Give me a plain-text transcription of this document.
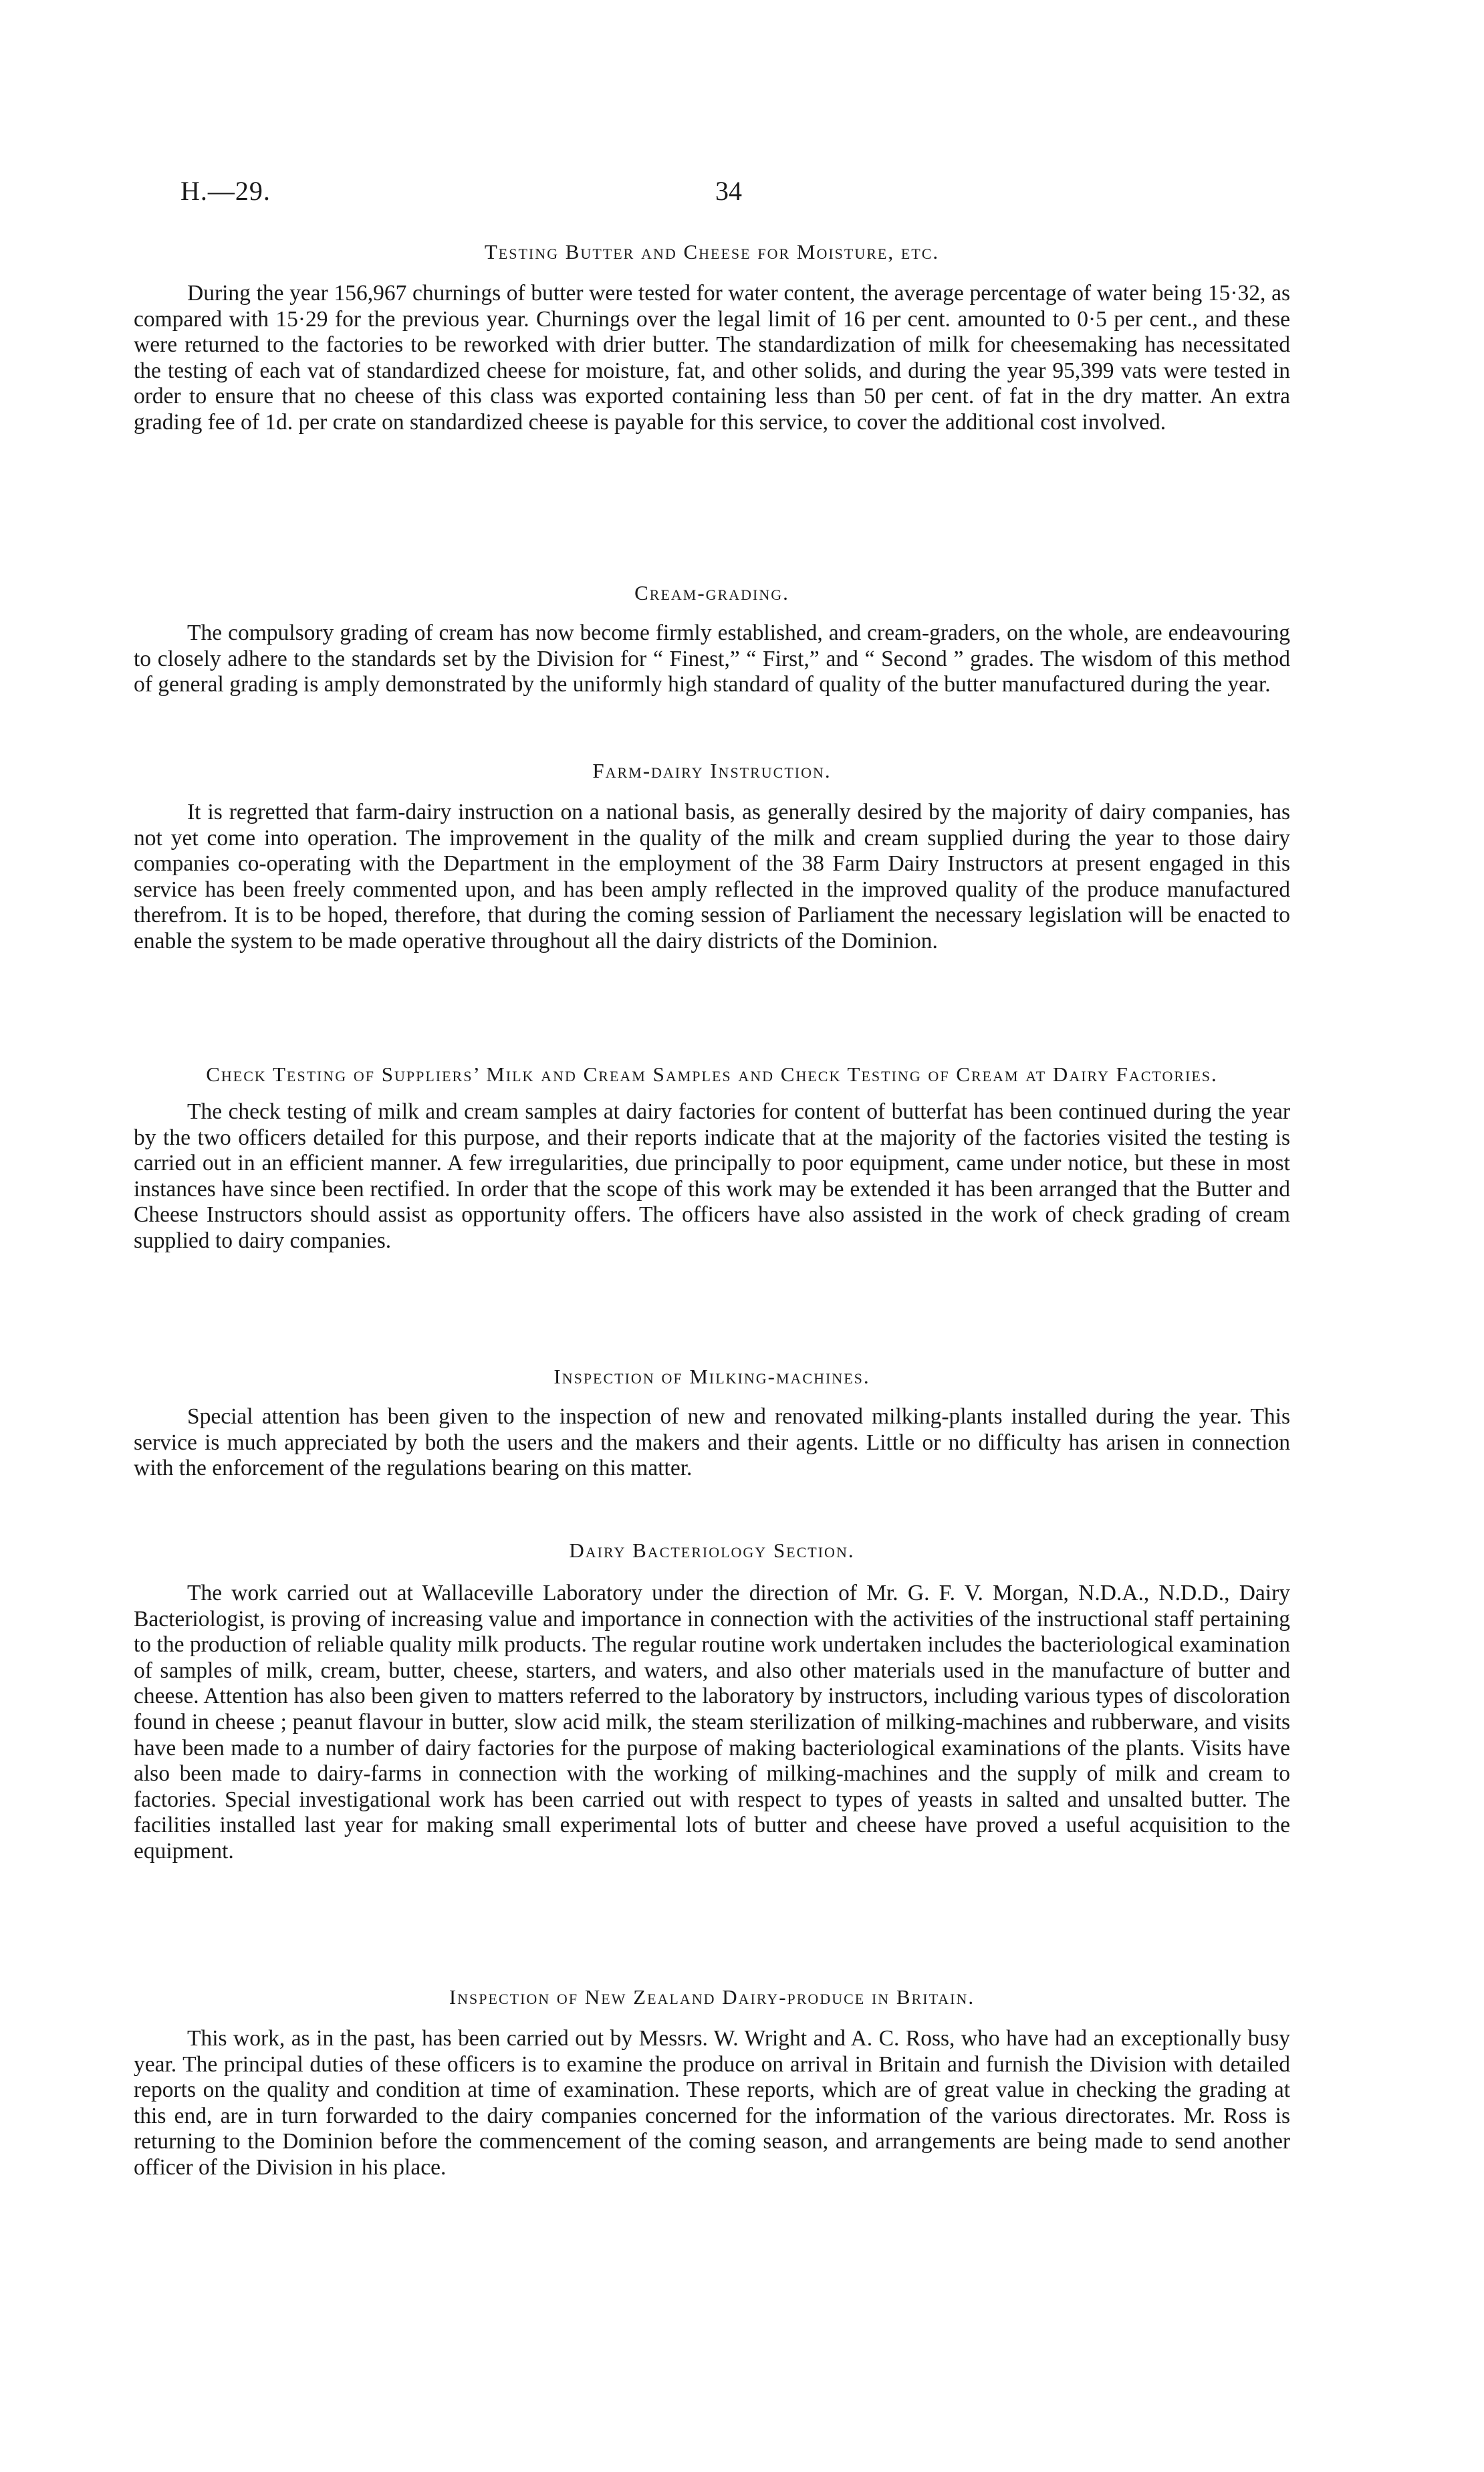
H.—29.	34
Testing Butter and Cheese for Moisture, etc.

During the year 156,967 churnings of butter were tested for water content, the average percentage of water being 15·32, as compared with 15·29 for the previous year. Churnings over the legal limit of 16 per cent. amounted to 0·5 per cent., and these were returned to the factories to be reworked with drier butter. The standardization of milk for cheesemaking has necessitated the testing of each vat of standardized cheese for moisture, fat, and other solids, and during the year 95,399 vats were tested in order to ensure that no cheese of this class was exported containing less than 50 per cent. of fat in the dry matter. An extra grading fee of 1d. per crate on standardized cheese is payable for this service, to cover the additional cost involved.

Cream-grading.

The compulsory grading of cream has now become firmly established, and cream-graders, on the whole, are endeavouring to closely adhere to the standards set by the Division for “ Finest,” “ First,” and “ Second ” grades. The wisdom of this method of general grading is amply demonstrated by the uniformly high standard of quality of the butter manufactured during the year.

Farm-dairy Instruction.

It is regretted that farm-dairy instruction on a national basis, as generally desired by the majority of dairy companies, has not yet come into operation. The improvement in the quality of the milk and cream supplied during the year to those dairy companies co-operating with the Department in the employment of the 38 Farm Dairy Instructors at present engaged in this service has been freely commented upon, and has been amply reflected in the improved quality of the produce manufactured therefrom. It is to be hoped, therefore, that during the coming session of Parliament the necessary legislation will be enacted to enable the system to be made operative throughout all the dairy districts of the Dominion.

Check Testing of Suppliers’ Milk and Cream Samples and Check Testing of Cream at Dairy Factories.

The check testing of milk and cream samples at dairy factories for content of butterfat has been continued during the year by the two officers detailed for this purpose, and their reports indicate that at the majority of the factories visited the testing is carried out in an efficient manner. A few irregularities, due principally to poor equipment, came under notice, but these in most instances have since been rectified. In order that the scope of this work may be extended it has been arranged that the Butter and Cheese Instructors should assist as opportunity offers. The officers have also assisted in the work of check grading of cream supplied to dairy companies.

Inspection of Milking-machines.

Special attention has been given to the inspection of new and renovated milking-plants installed during the year. This service is much appreciated by both the users and the makers and their agents. Little or no difficulty has arisen in connection with the enforcement of the regulations bearing on this matter.

Dairy Bacteriology Section.

The work carried out at Wallaceville Laboratory under the direction of Mr. G. F. V. Morgan, N.D.A., N.D.D., Dairy Bacteriologist, is proving of increasing value and importance in connection with the activities of the instructional staff pertaining to the production of reliable quality milk products. The regular routine work undertaken includes the bacteriological examination of samples of milk, cream, butter, cheese, starters, and waters, and also other materials used in the manufacture of butter and cheese. Attention has also been given to matters referred to the laboratory by instructors, including various types of discoloration found in cheese ; peanut flavour in butter, slow acid milk, the steam sterilization of milking-machines and rubberware, and visits have been made to a number of dairy factories for the purpose of making bacteriological examinations of the plants. Visits have also been made to dairy-farms in connection with the working of milking-machines and the supply of milk and cream to factories. Special investigational work has been carried out with respect to types of yeasts in salted and unsalted butter. The facilities installed last year for making small experimental lots of butter and cheese have proved a useful acquisition to the equipment.

Inspection of New Zealand Dairy-produce in Britain.

This work, as in the past, has been carried out by Messrs. W. Wright and A. C. Ross, who have had an exceptionally busy year. The principal duties of these officers is to examine the produce on arrival in Britain and furnish the Division with detailed reports on the quality and condition at time of examination. These reports, which are of great value in checking the grading at this end, are in turn forwarded to the dairy companies concerned for the information of the various directorates. Mr. Ross is returning to the Dominion before the commencement of the coming season, and arrangements are being made to send another officer of the Division in his place.
